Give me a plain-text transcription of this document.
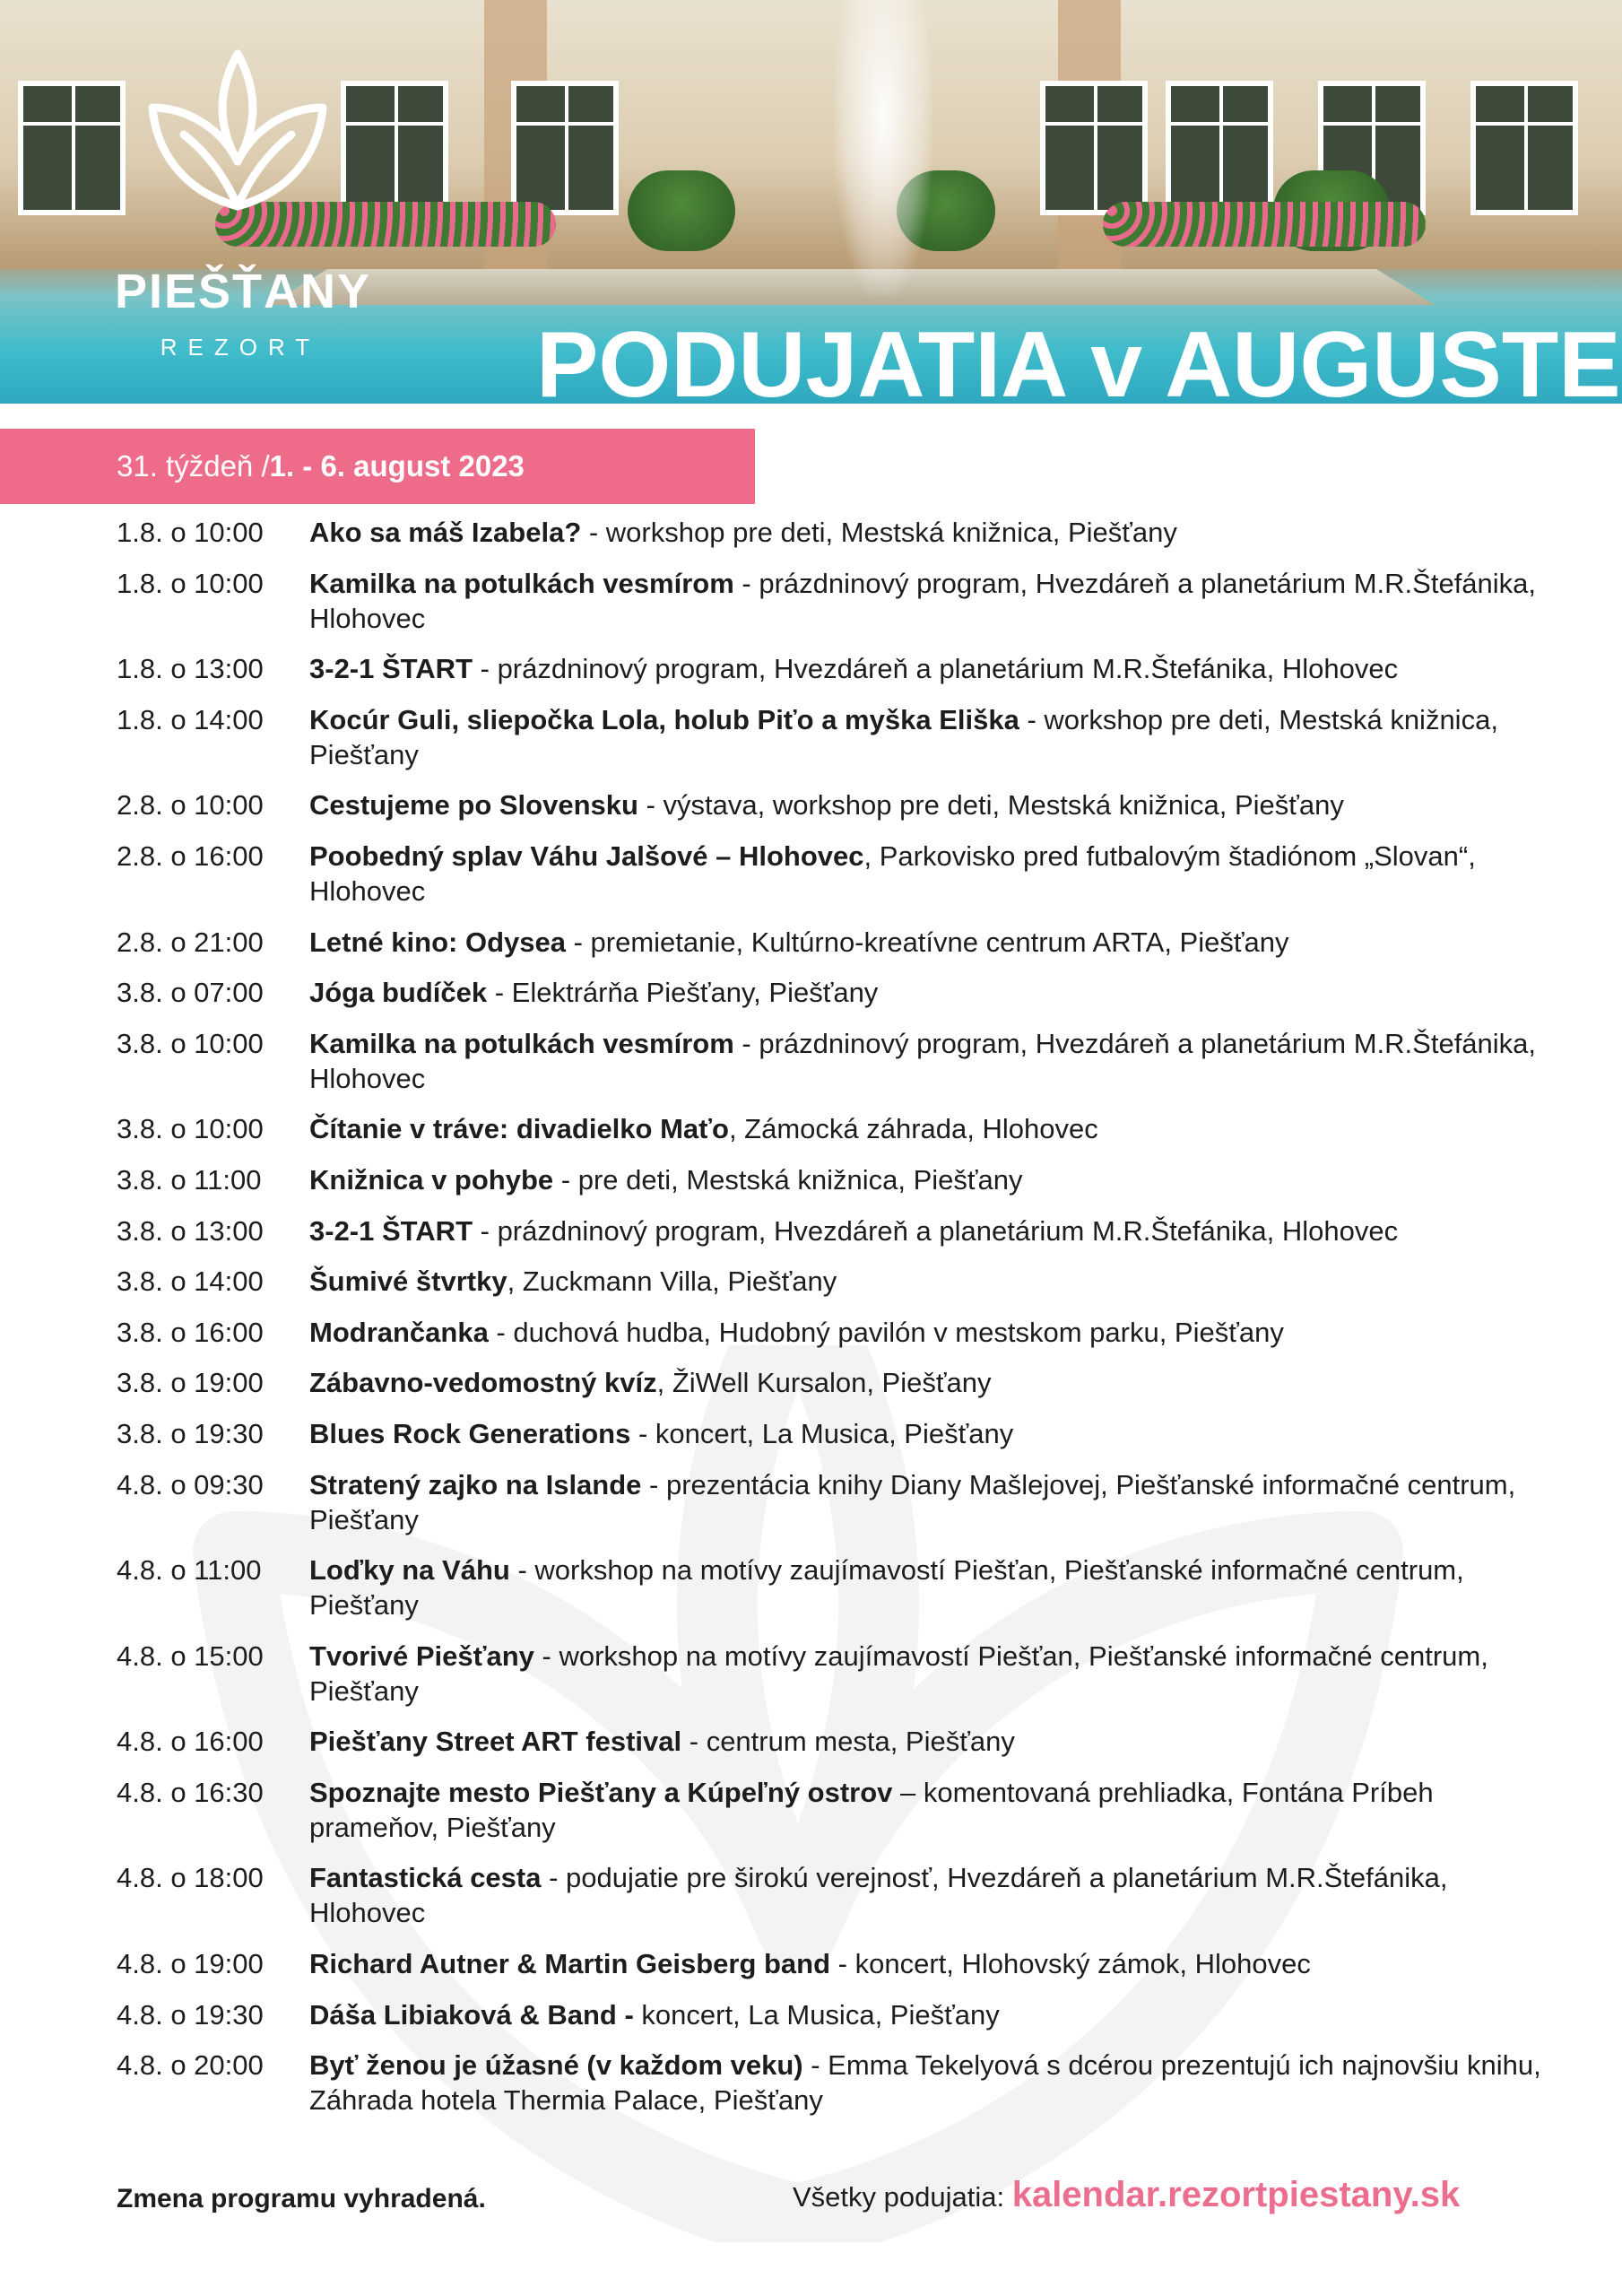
PIEŠŤANY
REZORT	PODUJATIA v AUGUSTE
31. týždeň / 1. - 6. august 2023
1.8. o 10:00	Ako sa máš Izabela? - workshop pre deti, Mestská knižnica, Piešťany
1.8. o 10:00	Kamilka na potulkách vesmírom - prázdninový program, Hvezdáreň a planetárium M.R.Štefánika, Hlohovec
1.8. o 13:00	3-2-1 ŠTART - prázdninový program, Hvezdáreň a planetárium M.R.Štefánika, Hlohovec
1.8. o 14:00	Kocúr Guli, sliepočka Lola, holub Piťo a myška Eliška - workshop pre deti, Mestská knižnica, Piešťany
2.8. o 10:00	Cestujeme po Slovensku - výstava, workshop pre deti, Mestská knižnica, Piešťany
2.8. o 16:00	Poobedný splav Váhu Jalšové – Hlohovec, Parkovisko pred futbalovým štadiónom „Slovan“, Hlohovec
2.8. o 21:00	Letné kino: Odysea - premietanie, Kultúrno-kreatívne centrum ARTA, Piešťany
3.8. o 07:00	Jóga budíček - Elektrárňa Piešťany, Piešťany
3.8. o 10:00	Kamilka na potulkách vesmírom - prázdninový program, Hvezdáreň a planetárium M.R.Štefánika, Hlohovec
3.8. o 10:00	Čítanie v tráve: divadielko Maťo, Zámocká záhrada, Hlohovec
3.8. o 11:00	Knižnica v pohybe - pre deti, Mestská knižnica, Piešťany
3.8. o 13:00	3-2-1 ŠTART - prázdninový program, Hvezdáreň a planetárium M.R.Štefánika, Hlohovec
3.8. o 14:00	Šumivé štvrtky, Zuckmann Villa, Piešťany
3.8. o 16:00	Modrančanka - duchová hudba, Hudobný pavilón v mestskom parku, Piešťany
3.8. o 19:00	Zábavno-vedomostný kvíz, ŽiWell Kursalon, Piešťany
3.8. o 19:30	Blues Rock Generations - koncert, La Musica, Piešťany
4.8. o 09:30	Stratený zajko na Islande - prezentácia knihy Diany Mašlejovej, Piešťanské informačné centrum, Piešťany
4.8. o 11:00	Loďky na Váhu - workshop na motívy zaujímavostí Piešťan, Piešťanské informačné centrum, Piešťany
4.8. o 15:00	Tvorivé Piešťany - workshop na motívy zaujímavostí Piešťan, Piešťanské informačné centrum, Piešťany
4.8. o 16:00	Piešťany Street ART festival - centrum mesta, Piešťany
4.8. o 16:30	Spoznajte mesto Piešťany a Kúpeľný ostrov – komentovaná prehliadka, Fontána Príbeh prameňov, Piešťany
4.8. o 18:00	Fantastická cesta - podujatie pre širokú verejnosť, Hvezdáreň a planetárium M.R.Štefánika, Hlohovec
4.8. o 19:00	Richard Autner & Martin Geisberg band - koncert, Hlohovský zámok, Hlohovec
4.8. o 19:30	Dáša Libiaková & Band - koncert, La Musica, Piešťany
4.8. o 20:00	Byť ženou je úžasné (v každom veku) - Emma Tekelyová s dcérou prezentujú ich najnovšiu knihu, Záhrada hotela Thermia Palace, Piešťany
Zmena programu vyhradená.	Všetky podujatia: kalendar.rezortpiestany.sk
